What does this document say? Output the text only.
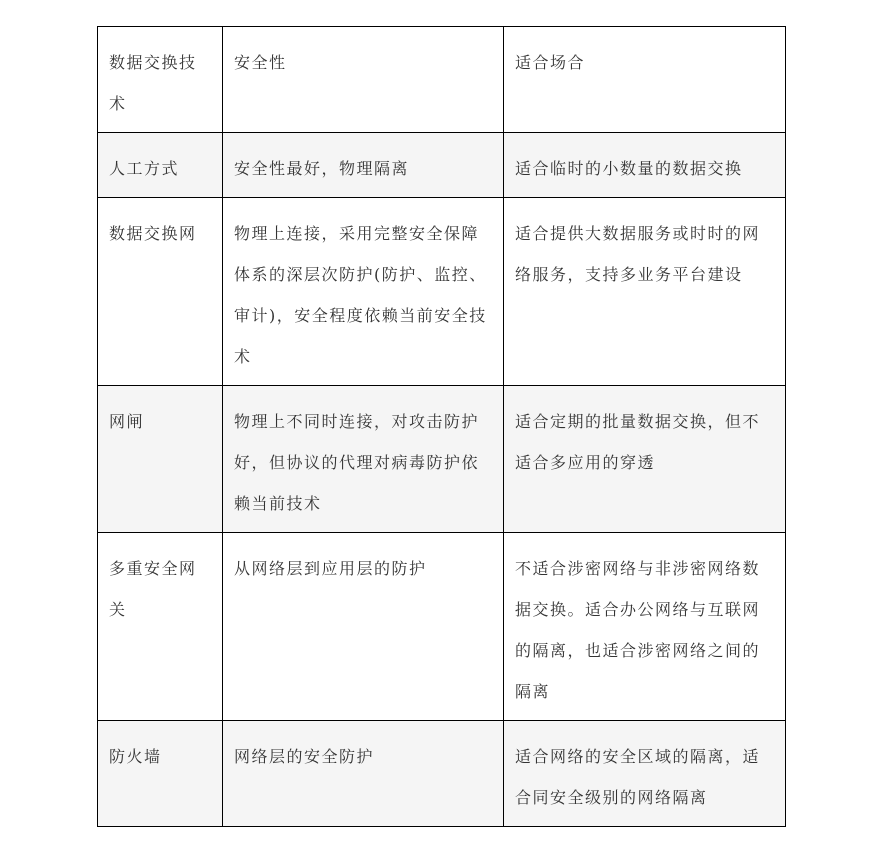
数据交换技术	安全性	适合场合
人工方式	安全性最好，物理隔离	适合临时的小数量的数据交换
数据交换网	物理上连接，采用完整安全保障体系的深层次防护(防护、监控、审计)，安全程度依赖当前安全技术	适合提供大数据服务或时时的网络服务，支持多业务平台建设
网闸	物理上不同时连接，对攻击防护好，但协议的代理对病毒防护依赖当前技术	适合定期的批量数据交换，但不适合多应用的穿透
多重安全网关	从网络层到应用层的防护	不适合涉密网络与非涉密网络数据交换。适合办公网络与互联网的隔离，也适合涉密网络之间的隔离
防火墙	网络层的安全防护	适合网络的安全区域的隔离，适合同安全级别的网络隔离
